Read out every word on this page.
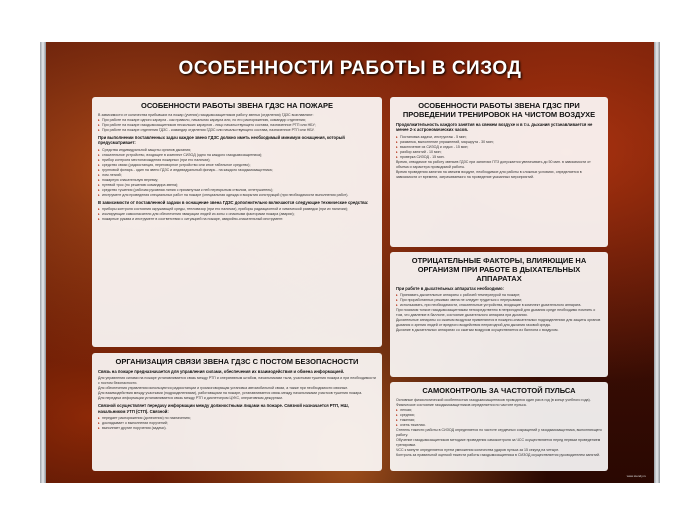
ОСОБЕННОСТИ РАБОТЫ В СИЗОД
ОСОБЕННОСТИ РАБОТЫ ЗВЕНА ГДЗС НА ПОЖАРЕ
В зависимости от количества прибывших на пожар (учения) газодымозащитников работу звенья (отделения) ГДЗС возглавляют:
▸ При работе на пожаре одного караула - как правило, начальник караула или, по его распоряжению, командир отделения;
▸ При работе на пожаре газодымозащитников нескольких караулов - лицо начальствующего состава, назначенное РТП или НБУ;
▸ При работе на пожаре отделения ГДЗС - командир отделения ГДЗС или начальствующего состава, назначенное РТП или НБУ.
При выполнении поставленных задач каждое звено ГДЗС должно иметь необходимый минимум оснащения, который предусматривает:
▸ Средства индивидуальной защиты органов дыхания;
▸ спасательное устройство, входящее в комплект СИЗОД (одно на каждого газодымозащитника);
▸ прибор контроля местонахождения пожарных (при его наличии);
▸ средство связи (радиостанция, переговорное устройство или иное табельное средство);
▸ групповой фонарь - один на звено ГДЗС и индивидуальный фонарь - на каждого газодымозащитника;
▸ лом легкий;
▸ пожарную спасательную веревку;
▸ путевой трос (по решению командира звена);
▸ средство тушения (рабочая рукавная линия с примкнутым к ней перекрытым стволом, огнетушитель);
▸ инструмент для проведения специальных работ на пожаре (специальная одежда и вскрытия конструкций (при необходимости выполнения работ).
В зависимости от поставленной задачи в оснащение звена ГДЗС дополнительно включаются следующие технические средства:
▸ приборы контроля состояния окружающей среды, тепловизор (при его наличии), приборы радиационной и химической разведки (при их наличии);
▸ изолирующие самоспасатели для обеспечения эвакуации людей из зоны с опасными факторами пожара (аварии);
▸ пожарные рукава и инструмент в соответствии с ситуацией на пожаре, аварийно-спасательный инструмент.
ОРГАНИЗАЦИЯ СВЯЗИ ЗВЕНА ГДЗС С ПОСТОМ БЕЗОПАСНОСТИ
Связь на пожаре предназначается для управления силами, обеспечения их взаимодействия и обмена информацией.
Для управления силами на пожаре устанавливается связь между РТП и оперативным штабом, начальниками тыла, участками тушения пожара и при необходимости с постом безопасности.
Для обеспечения управления используются радиостанции и громкоговорящая установка автомобильной связи, а также при необходимости связные.
Для взаимодействия между участками (подразделениями), работающими на пожаре, устанавливается связь между начальниками участков тушения пожара.
Для передачи информации устанавливается связь между РТП и диспетчером ЦУКС, оперативным дежурным.
Связной осуществляет передачу информации между должностными лицами на пожаре. Связной назначается РТП, НШ, начальником УТП (СТП). Связной:
▸ передает распоряжения (донесения) по назначению;
▸ докладывает о выполнении поручений;
▸ выполняет другие поручения (задачи).
ОСОБЕННОСТИ РАБОТЫ ЗВЕНА ГДЗС ПРИ ПРОВЕДЕНИИ ТРЕНИРОВОК НА ЧИСТОМ ВОЗДУХЕ
Продолжительность каждого занятия на свежем воздухе и в т.ч. дыхания устанавливается не менее 2-х астрономических часов.
▸ Постановка задачи, инструктаж - 5 мин;
▸ разминка, выполнение упражнений, маршрута - 30 мин;
▸ выключение из СИЗОД и отдых - 15 мин;
▸ разбор занятий - 10 мин;
▸ проверка СИЗОД - 15 мин.
Время, отводимое на работу звеньев ГДЗС при занятиях ПТЗ допускается увеличивать до 50 мин. в зависимости от объема и характера проводимой работы.
Время проведения занятия на свежем воздухе, необходимое для работы в сложных условиях, определяется в зависимости от времени, затрачиваемого на проведение указанных мероприятий.
ОТРИЦАТЕЛЬНЫЕ ФАКТОРЫ, ВЛИЯЮЩИЕ НА ОРГАНИЗМ ПРИ РАБОТЕ В ДЫХАТЕЛЬНЫХ АППАРАТАХ
При работе в дыхательных аппаратах необходимо:
▸ Принимать дыхательные аппараты с рабочей температурой на пожаре;
▸ При проработанных режимах звена не следует трудиться с перерывами;
▸ использовать, при необходимости, спасательные устройства, входящие в комплект дыхательного аппарата.
При носимом тонкое газодымозащитникам непосредственно в непригодной для дыхания среде необходимо помнить о том, что давление в баллоне, состояние дыхательного аппарата при дыхании.
Дыхательные аппараты со сжатым воздухом применяются в пожарно-спасательных подразделениях для защиты органов дыхания и зрения людей от вредного воздействия непригодной для дыхания газовой среды.
Дыхание в дыхательных аппаратах со сжатым воздухом осуществляется из баллона с воздухом.
САМОКОНТРОЛЬ ЗА ЧАСТОТОЙ ПУЛЬСА
Основные физиологической особенностью газодымозащитников проводится один раз в год (в конце учебного года).
Физическое состояние газодымозащитников определяется по частоте пульса.
▸ легкая;
▸ средняя;
▸ тяжелая;
▸ очень тяжелая.
Степень тяжести работы в СИЗОД определяется по частоте сердечных сокращений у газодымозащитника, выполняющего работу.
Обучение газодымозащитников методике проведения самоконтроля за ЧСС осуществляется перед первым проведением тренировки.
ЧСС к минуте определяется путем умножения количества ударов пульса за 15 секунд на четыре.
Контроль за правильной оценкой тяжести работы газодымозащитника в СИЗОД осуществляется руководителем занятий.
www.stendy.ru
